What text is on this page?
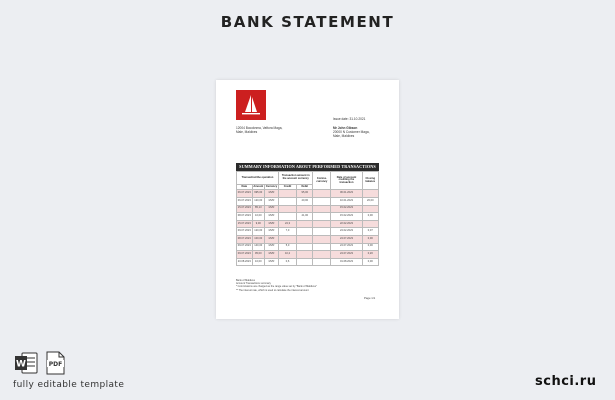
BANK STATEMENT
Issue date: 31.10.2021
12004 Bocoknma, Vaftora Maga,
Male, Maldives
Mr John Gibson
20000 N Customer Maga,
Male, Maldives
SUMMARY INFORMATION ABOUT PERFORMED TRANSACTIONS
Transaction/the operation			Transaction amount in the account currency		Comiss. currency	Date of account crediting the transaction	Closing balance
Date	Amount	Currency	Credit	Debit			
06.07.2023	995,00	MVR		95,00		06.01.2023	
06.07.2023	120,00	MVR		40,00		10.01.2023	20,00
15.07.2023	85,13	MVR				15.02.2023	
08.07.2023	10,00	MVR		41,00		15.02.2023	0,00
15.07.2023	9,00	MVR	24,3			22.02.2023	
09.07.2023	120,00	MVR	7,0			24.02.2023	0,07
08.07.2023	100,00	MVR				24.07.2023	0,00
09.07.2023	140,00	MVR	5,0			24.07.2023	0,00
09.07.2023	95,00	MVR	10,2			24.07.2023	0,20
20.08.2023	10,00	MVR	0,6			01.08.2023	0,00
Bank of Maldives
Account Transactions summary
* Commissions are charged as the range value set by "Bank of Maldives"
** The interest rate, which is used to calculate the interest amount
Page 1/1
W	PDF
fully editable template	schci.ru
